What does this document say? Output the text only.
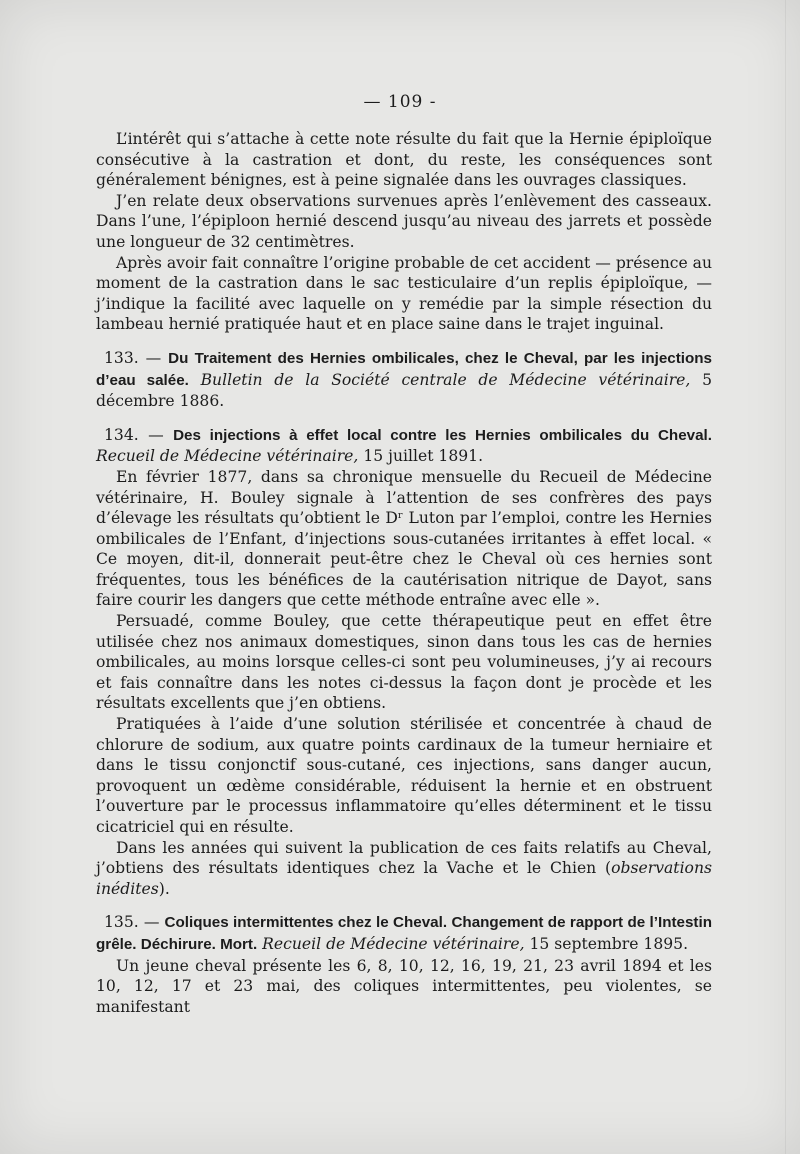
— 109 -

L’intérêt qui s’attache à cette note résulte du fait que la Hernie épiploïque consécutive à la castration et dont, du reste, les conséquences sont généralement bénignes, est à peine signalée dans les ouvrages classiques.

J’en relate deux observations survenues après l’enlèvement des casseaux. Dans l’une, l’épiploon hernié descend jusqu’au niveau des jarrets et possède une longueur de 32 centimètres.

Après avoir fait connaître l’origine probable de cet accident — présence au moment de la castration dans le sac testiculaire d’un replis épiploïque, — j’indique la facilité avec laquelle on y remédie par la simple résection du lambeau hernié pratiquée haut et en place saine dans le trajet inguinal.

133. — Du Traitement des Hernies ombilicales, chez le Cheval, par les injections d’eau salée. Bulletin de la Société centrale de Médecine vétérinaire, 5 décembre 1886.

134. — Des injections à effet local contre les Hernies ombilicales du Cheval. Recueil de Médecine vétérinaire, 15 juillet 1891.

En février 1877, dans sa chronique mensuelle du Recueil de Médecine vétérinaire, H. Bouley signale à l’attention de ses confrères des pays d’élevage les résultats qu’obtient le Dʳ Luton par l’emploi, contre les Hernies ombilicales de l’Enfant, d’injections sous-cutanées irritantes à effet local. « Ce moyen, dit-il, donnerait peut-être chez le Cheval où ces hernies sont fréquentes, tous les bénéfices de la cautérisation nitrique de Dayot, sans faire courir les dangers que cette méthode entraîne avec elle ».

Persuadé, comme Bouley, que cette thérapeutique peut en effet être utilisée chez nos animaux domestiques, sinon dans tous les cas de hernies ombilicales, au moins lorsque celles-ci sont peu volumineuses, j’y ai recours et fais connaître dans les notes ci-dessus la façon dont je procède et les résultats excellents que j’en obtiens.

Pratiquées à l’aide d’une solution stérilisée et concentrée à chaud de chlorure de sodium, aux quatre points cardinaux de la tumeur herniaire et dans le tissu conjonctif sous-cutané, ces injections, sans danger aucun, provoquent un œdème considérable, réduisent la hernie et en obstruent l’ouverture par le processus inflammatoire qu’elles déterminent et le tissu cicatriciel qui en résulte.

Dans les années qui suivent la publication de ces faits relatifs au Cheval, j’obtiens des résultats identiques chez la Vache et le Chien (observations inédites).

135. — Coliques intermittentes chez le Cheval. Changement de rapport de l’Intestin grêle. Déchirure. Mort. Recueil de Médecine vétérinaire, 15 septembre 1895.

Un jeune cheval présente les 6, 8, 10, 12, 16, 19, 21, 23 avril 1894 et les 10, 12, 17 et 23 mai, des coliques intermittentes, peu violentes, se manifestant
